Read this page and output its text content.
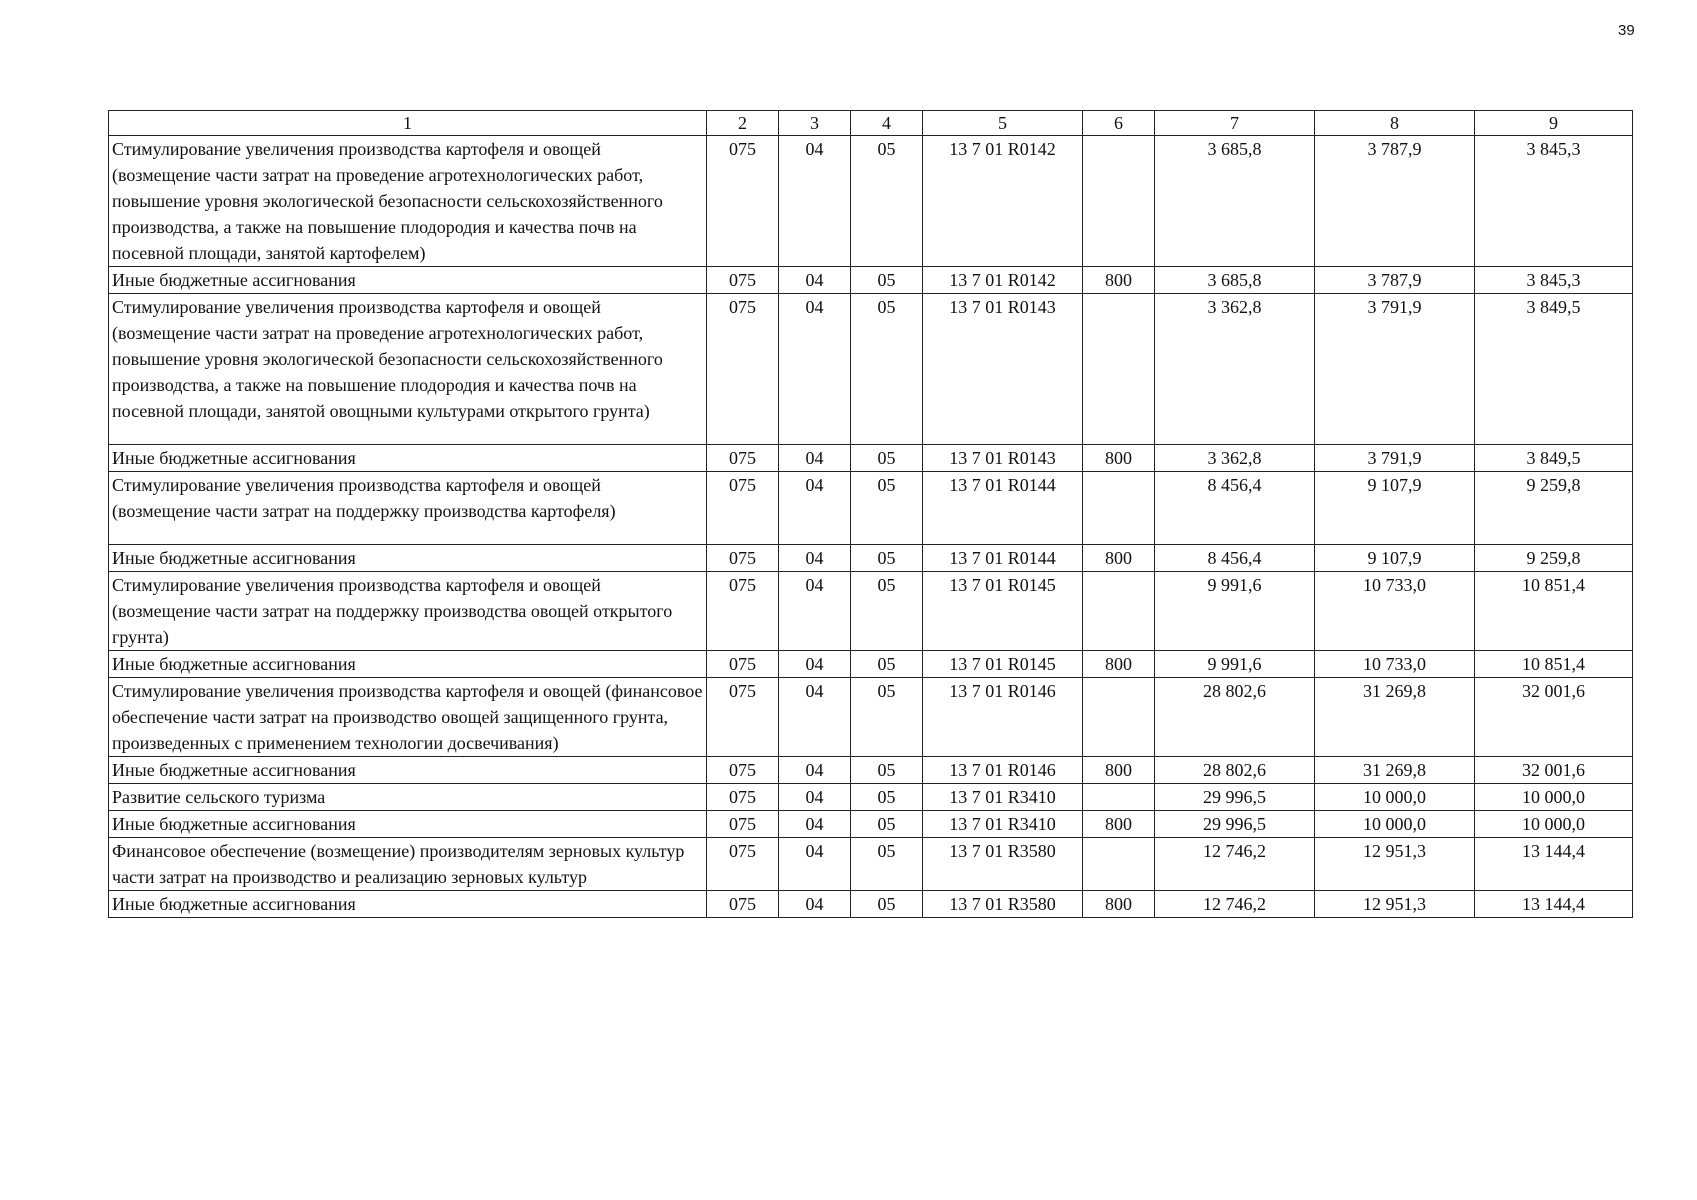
39
1	2	3	4	5	6	7	8	9
Стимулирование увеличения производства картофеля и овощей (возмещение части затрат на проведение агротехнологических работ, повышение уровня экологической безопасности сельскохозяйственного производства, а также на повышение плодородия и качества почв на посевной площади, занятой картофелем)	075	04	05	13 7 01 R0142		3 685,8	3 787,9	3 845,3
Иные бюджетные ассигнования	075	04	05	13 7 01 R0142	800	3 685,8	3 787,9	3 845,3
Стимулирование увеличения производства картофеля и овощей (возмещение части затрат на проведение агротехнологических работ, повышение уровня экологической безопасности сельскохозяйственного производства, а также на повышение плодородия и качества почв на посевной площади, занятой овощными культурами открытого грунта)	075	04	05	13 7 01 R0143		3 362,8	3 791,9	3 849,5
Иные бюджетные ассигнования	075	04	05	13 7 01 R0143	800	3 362,8	3 791,9	3 849,5
Стимулирование увеличения производства картофеля и овощей (возмещение части затрат на поддержку производства картофеля)	075	04	05	13 7 01 R0144		8 456,4	9 107,9	9 259,8
Иные бюджетные ассигнования	075	04	05	13 7 01 R0144	800	8 456,4	9 107,9	9 259,8
Стимулирование увеличения производства картофеля и овощей (возмещение части затрат на поддержку производства овощей открытого грунта)	075	04	05	13 7 01 R0145		9 991,6	10 733,0	10 851,4
Иные бюджетные ассигнования	075	04	05	13 7 01 R0145	800	9 991,6	10 733,0	10 851,4
Стимулирование увеличения производства картофеля и овощей (финансовое обеспечение части затрат на производство овощей защищенного грунта, произведенных с применением технологии досвечивания)	075	04	05	13 7 01 R0146		28 802,6	31 269,8	32 001,6
Иные бюджетные ассигнования	075	04	05	13 7 01 R0146	800	28 802,6	31 269,8	32 001,6
Развитие сельского туризма	075	04	05	13 7 01 R3410		29 996,5	10 000,0	10 000,0
Иные бюджетные ассигнования	075	04	05	13 7 01 R3410	800	29 996,5	10 000,0	10 000,0
Финансовое обеспечение (возмещение) производителям зерновых культур части затрат на производство и реализацию зерновых культур	075	04	05	13 7 01 R3580		12 746,2	12 951,3	13 144,4
Иные бюджетные ассигнования	075	04	05	13 7 01 R3580	800	12 746,2	12 951,3	13 144,4
